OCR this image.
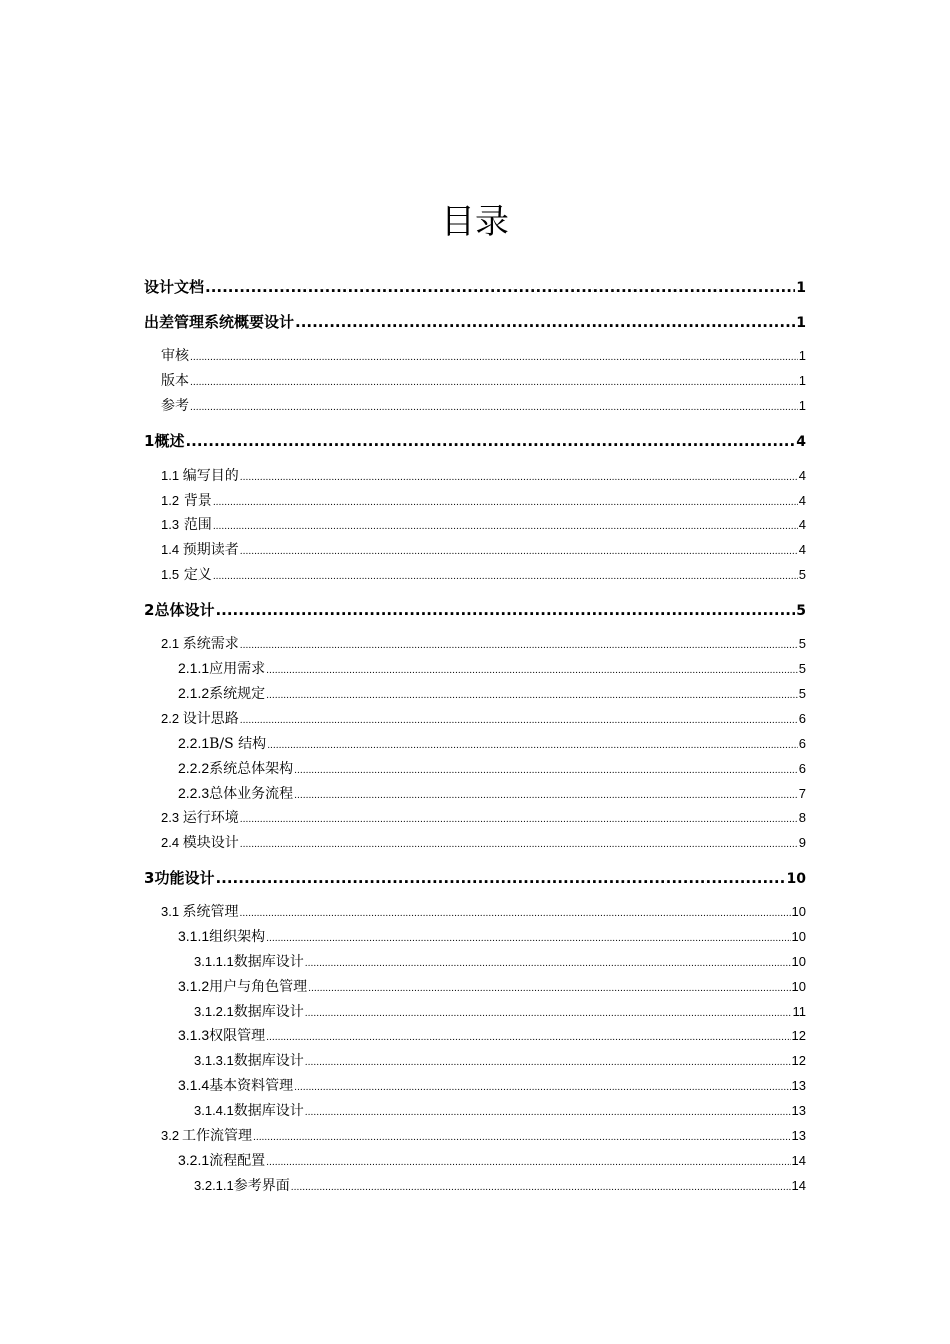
目录
设计文档 .....	1
出差管理系统概要设计 .....	1
审核 .....	1
版本 .....	1
参考 .....	1
1 概述 .....	4
1.1 编写目的 .....	4
1.2 背景 .....	4
1.3 范围 .....	4
1.4 预期读者 .....	4
1.5 定义 .....	5
2 总体设计 .....	5
2.1 系统需求 .....	5
2.1.1 应用需求 .....	5
2.1.2 系统规定 .....	5
2.2 设计思路 .....	6
2.2.1 B/S 结构 .....	6
2.2.2 系统总体架构 .....	6
2.2.3 总体业务流程 .....	7
2.3 运行环境 .....	8
2.4 模块设计 .....	9
3 功能设计 .....	10
3.1 系统管理 .....	10
3.1.1 组织架构 .....	10
3.1.1.1 数据库设计 .....	10
3.1.2 用户与角色管理 .....	10
3.1.2.1 数据库设计 .....	11
3.1.3 权限管理 .....	12
3.1.3.1 数据库设计 .....	12
3.1.4 基本资料管理 .....	13
3.1.4.1 数据库设计 .....	13
3.2 工作流管理 .....	13
3.2.1 流程配置 .....	14
3.2.1.1 参考界面 .....	14
